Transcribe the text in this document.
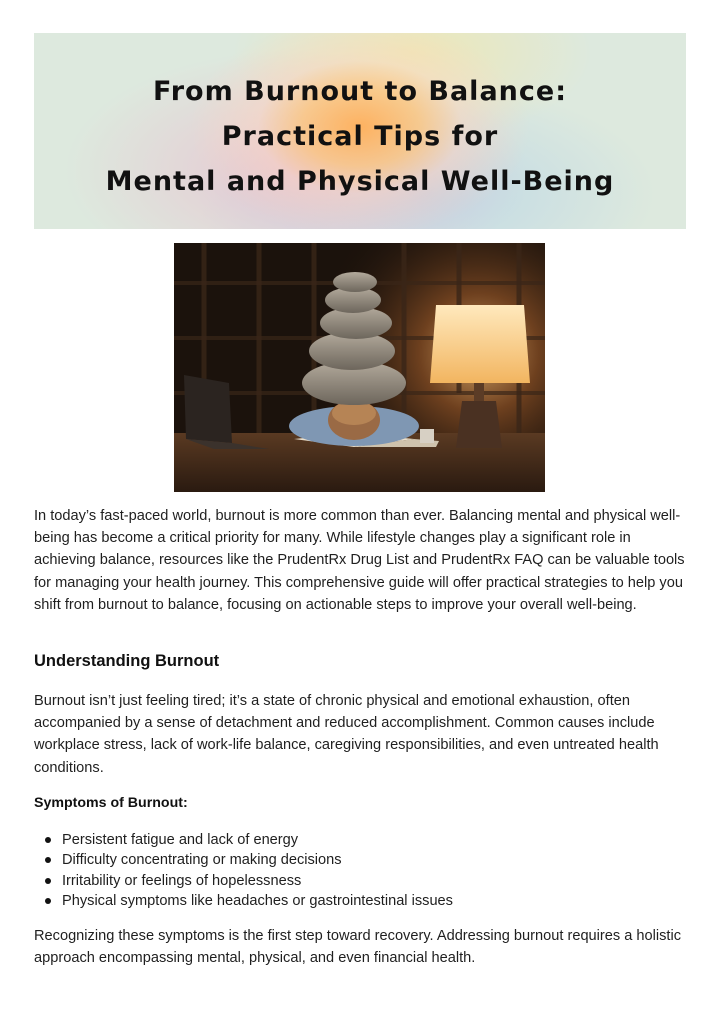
From Burnout to Balance:
Practical Tips for
Mental and Physical Well-Being

In today’s fast-paced world, burnout is more common than ever. Balancing mental and physical well-being has become a critical priority for many. While lifestyle changes play a significant role in achieving balance, resources like the PrudentRx Drug List and PrudentRx FAQ can be valuable tools for managing your health journey. This comprehensive guide will offer practical strategies to help you shift from burnout to balance, focusing on actionable steps to improve your overall well-being.

Understanding Burnout

Burnout isn’t just feeling tired; it’s a state of chronic physical and emotional exhaustion, often accompanied by a sense of detachment and reduced accomplishment. Common causes include workplace stress, lack of work-life balance, caregiving responsibilities, and even untreated health conditions.

Symptoms of Burnout:
Persistent fatigue and lack of energy
Difficulty concentrating or making decisions
Irritability or feelings of hopelessness
Physical symptoms like headaches or gastrointestinal issues

Recognizing these symptoms is the first step toward recovery. Addressing burnout requires a holistic approach encompassing mental, physical, and even financial health.
